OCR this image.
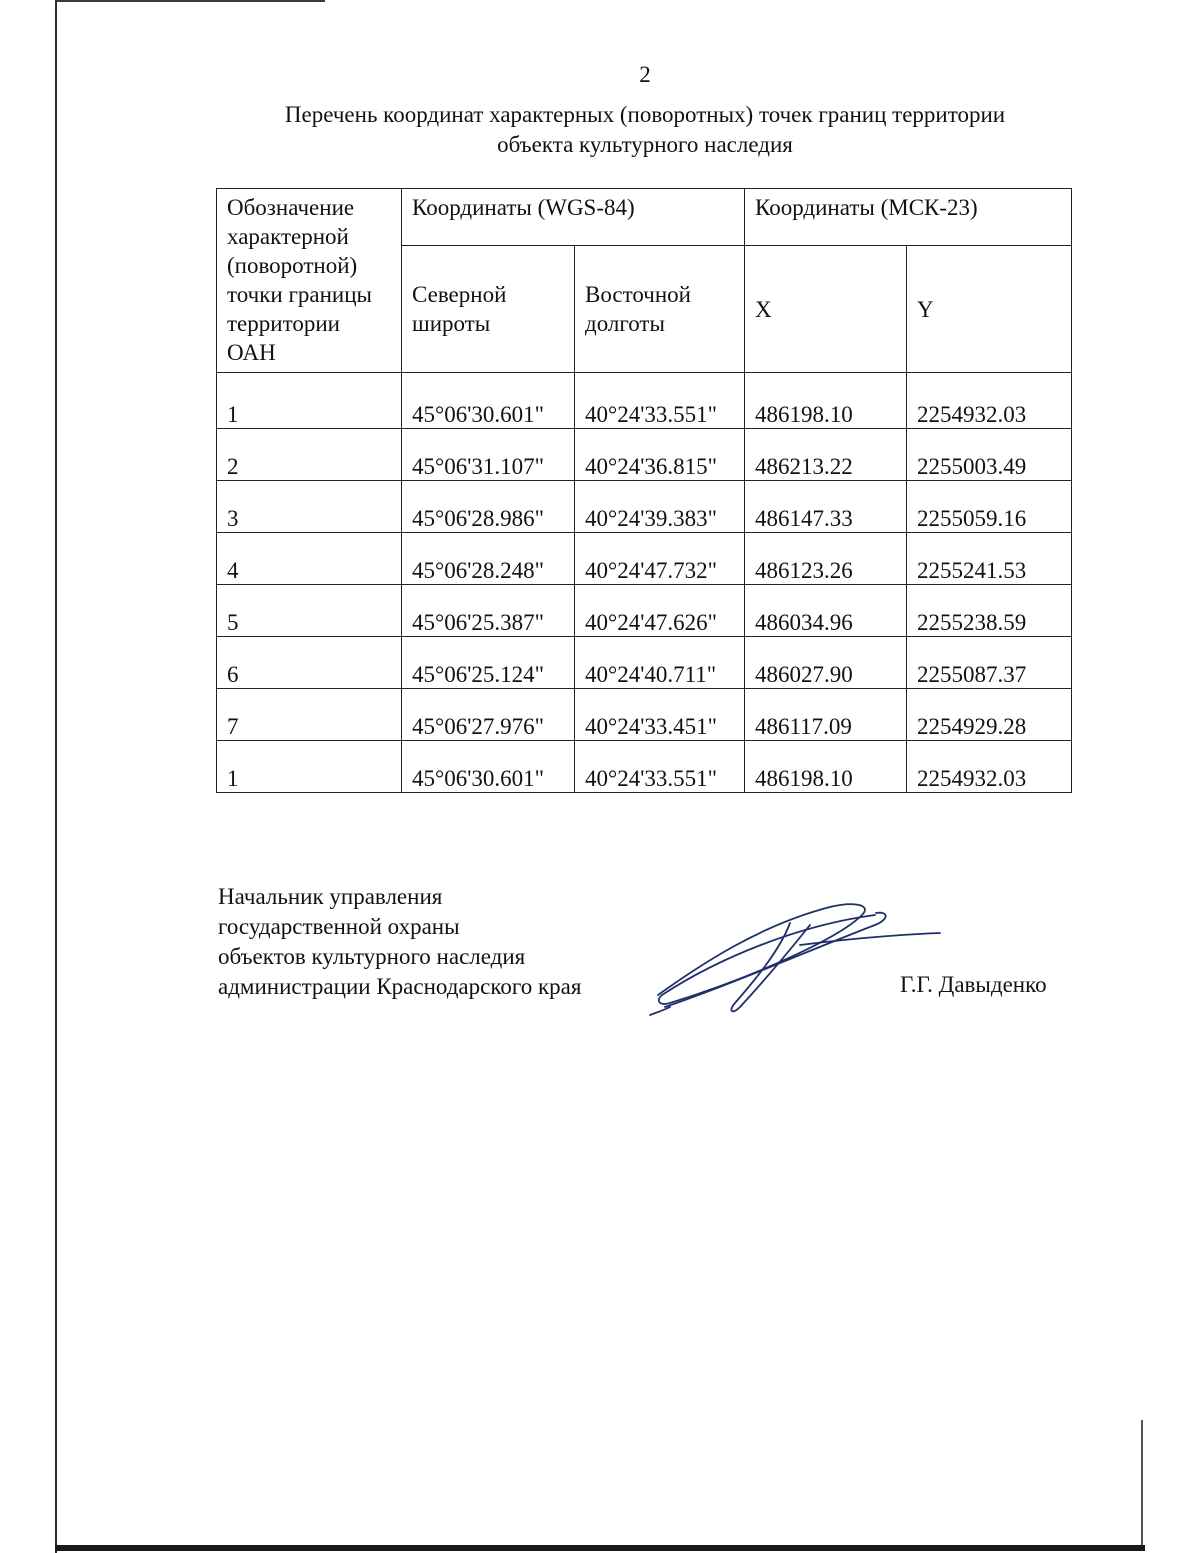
2
Перечень координат характерных (поворотных) точек границ территории
объекта культурного наследия
Обозначение характерной (поворотной) точки границы территории ОАН	Координаты (WGS-84)		Координаты (МСК-23)	
	Северной широты	Восточной долготы	X	Y
1	45°06'30.601"	40°24'33.551"	486198.10	2254932.03
2	45°06'31.107"	40°24'36.815"	486213.22	2255003.49
3	45°06'28.986"	40°24'39.383"	486147.33	2255059.16
4	45°06'28.248"	40°24'47.732"	486123.26	2255241.53
5	45°06'25.387"	40°24'47.626"	486034.96	2255238.59
6	45°06'25.124"	40°24'40.711"	486027.90	2255087.37
7	45°06'27.976"	40°24'33.451"	486117.09	2254929.28
1	45°06'30.601"	40°24'33.551"	486198.10	2254932.03
Начальник управления
государственной охраны
объектов культурного наследия
администрации Краснодарского края	Г.Г. Давыденко
